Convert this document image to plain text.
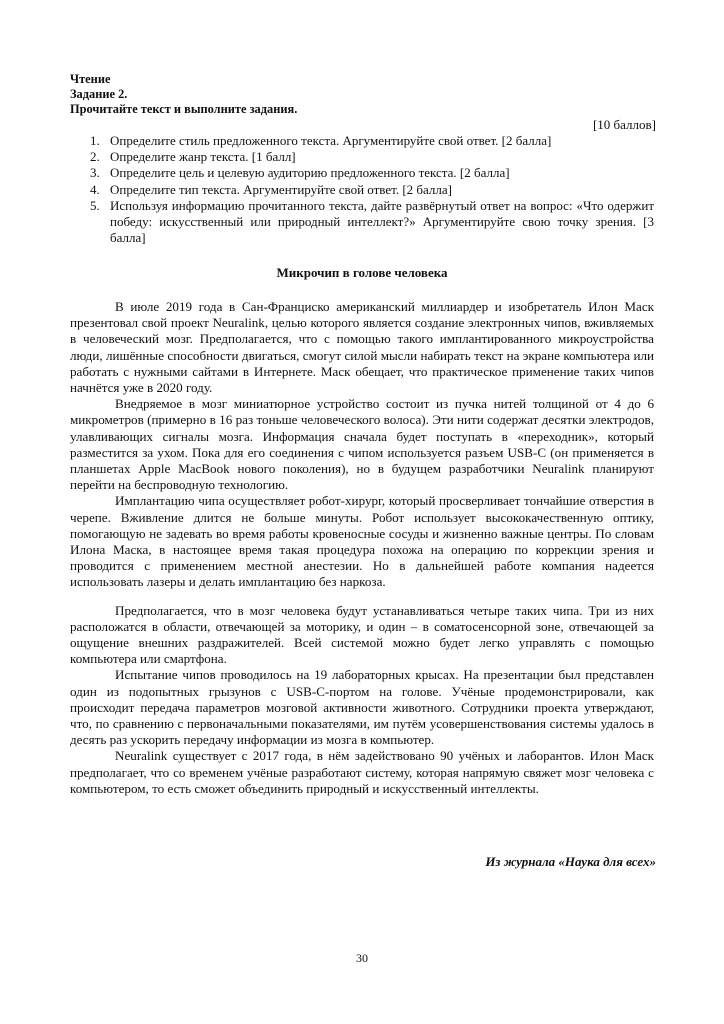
Чтение
Задание 2.
Прочитайте текст и выполните задания.
[10 баллов]
1. Определите стиль предложенного текста. Аргументируйте свой ответ. [2 балла]
2. Определите жанр текста. [1 балл]
3. Определите цель и целевую аудиторию предложенного текста. [2 балла]
4. Определите тип текста. Аргументируйте свой ответ. [2 балла]
5. Используя информацию прочитанного текста, дайте развёрнутый ответ на вопрос: «Что одержит победу: искусственный или природный интеллект?» Аргументируйте свою точку зрения. [3 балла]
Микрочип в голове человека

В июле 2019 года в Сан-Франциско американский миллиардер и изобретатель Илон Маск презентовал свой проект Neuralink, целью которого является создание электронных чипов, вживляемых в человеческий мозг. Предполагается, что с помощью такого имплантированного микроустройства люди, лишённые способности двигаться, смогут силой мысли набирать текст на экране компьютера или работать с нужными сайтами в Интернете. Маск обещает, что практическое применение таких чипов начнётся уже в 2020 году.

Внедряемое в мозг миниатюрное устройство состоит из пучка нитей толщиной от 4 до 6 микрометров (примерно в 16 раз тоньше человеческого волоса). Эти нити содержат десятки электродов, улавливающих сигналы мозга. Информация сначала будет поступать в «переходник», который разместится за ухом. Пока для его соединения с чипом используется разъем USB-C (он применяется в планшетах Apple MacBook нового поколения), но в будущем разработчики Neuralink планируют перейти на беспроводную технологию.

Имплантацию чипа осуществляет робот-хирург, который просверливает тончайшие отверстия в черепе. Вживление длится не больше минуты. Робот использует высококачественную оптику, помогающую не задевать во время работы кровеносные сосуды и жизненно важные центры. По словам Илона Маска, в настоящее время такая процедура похожа на операцию по коррекции зрения и проводится с применением местной анестезии. Но в дальнейшей работе компания надеется использовать лазеры и делать имплантацию без наркоза.

Предполагается, что в мозг человека будут устанавливаться четыре таких чипа. Три из них расположатся в области, отвечающей за моторику, и один – в соматосенсорной зоне, отвечающей за ощущение внешних раздражителей. Всей системой можно будет легко управлять с помощью компьютера или смартфона.

Испытание чипов проводилось на 19 лабораторных крысах. На презентации был представлен один из подопытных грызунов с USB-C-портом на голове. Учёные продемонстрировали, как происходит передача параметров мозговой активности животного. Сотрудники проекта утверждают, что, по сравнению с первоначальными показателями, им путём усовершенствования системы удалось в десять раз ускорить передачу информации из мозга в компьютер.

Neuralink существует с 2017 года, в нём задействовано 90 учёных и лаборантов. Илон Маск предполагает, что со временем учёные разработают систему, которая напрямую свяжет мозг человека с компьютером, то есть сможет объединить природный и искусственный интеллекты.

Из журнала «Наука для всех»
30
